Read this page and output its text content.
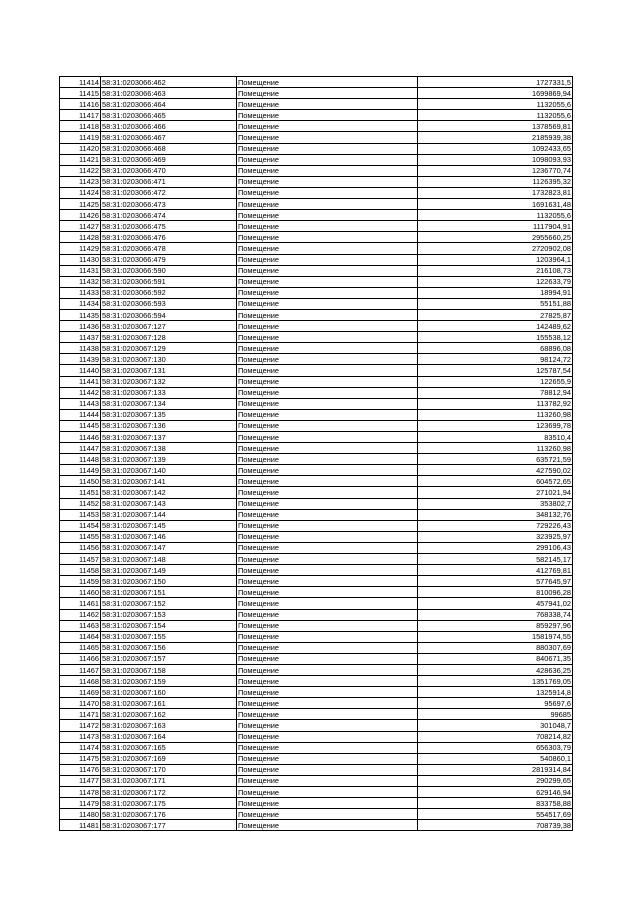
11414	58:31:0203066:462	Помещение	1727331,5
11415	58:31:0203066:463	Помещение	1699869,94
11416	58:31:0203066:464	Помещение	1132055,6
11417	58:31:0203066:465	Помещение	1132055,6
11418	58:31:0203066:466	Помещение	1378569,81
11419	58:31:0203066:467	Помещение	2185939,38
11420	58:31:0203066:468	Помещение	1092433,65
11421	58:31:0203066:469	Помещение	1098093,93
11422	58:31:0203066:470	Помещение	1236770,74
11423	58:31:0203066:471	Помещение	1126395,32
11424	58:31:0203066:472	Помещение	1732823,81
11425	58:31:0203066:473	Помещение	1691631,48
11426	58:31:0203066:474	Помещение	1132055,6
11427	58:31:0203066:475	Помещение	1117904,91
11428	58:31:0203066:476	Помещение	2955660,25
11429	58:31:0203066:478	Помещение	2720902,08
11430	58:31:0203066:479	Помещение	1203964,1
11431	58:31:0203066:590	Помещение	216108,73
11432	58:31:0203066:591	Помещение	122633,79
11433	58:31:0203066:592	Помещение	18994,91
11434	58:31:0203066:593	Помещение	55151,88
11435	58:31:0203066:594	Помещение	27825,87
11436	58:31:0203067:127	Помещение	142489,62
11437	58:31:0203067:128	Помещение	155538,12
11438	58:31:0203067:129	Помещение	68896,08
11439	58:31:0203067:130	Помещение	98124,72
11440	58:31:0203067:131	Помещение	125787,54
11441	58:31:0203067:132	Помещение	122655,9
11442	58:31:0203067:133	Помещение	78812,94
11443	58:31:0203067:134	Помещение	113782,92
11444	58:31:0203067:135	Помещение	113260,98
11445	58:31:0203067:136	Помещение	123699,78
11446	58:31:0203067:137	Помещение	83510,4
11447	58:31:0203067:138	Помещение	113260,98
11448	58:31:0203067:139	Помещение	635721,59
11449	58:31:0203067:140	Помещение	427590,02
11450	58:31:0203067:141	Помещение	604572,65
11451	58:31:0203067:142	Помещение	271021,94
11452	58:31:0203067:143	Помещение	353802,7
11453	58:31:0203067:144	Помещение	348132,76
11454	58:31:0203067:145	Помещение	729226,43
11455	58:31:0203067:146	Помещение	323925,97
11456	58:31:0203067:147	Помещение	299106,43
11457	58:31:0203067:148	Помещение	582145,17
11458	58:31:0203067:149	Помещение	412769,81
11459	58:31:0203067:150	Помещение	577645,97
11460	58:31:0203067:151	Помещение	810096,28
11461	58:31:0203067:152	Помещение	457941,02
11462	58:31:0203067:153	Помещение	768338,74
11463	58:31:0203067:154	Помещение	859297,96
11464	58:31:0203067:155	Помещение	1581974,55
11465	58:31:0203067:156	Помещение	880307,69
11466	58:31:0203067:157	Помещение	840671,35
11467	58:31:0203067:158	Помещение	428636,25
11468	58:31:0203067:159	Помещение	1351769,05
11469	58:31:0203067:160	Помещение	1325914,8
11470	58:31:0203067:161	Помещение	95697,6
11471	58:31:0203067:162	Помещение	99685
11472	58:31:0203067:163	Помещение	301048,7
11473	58:31:0203067:164	Помещение	708214,82
11474	58:31:0203067:165	Помещение	656303,79
11475	58:31:0203067:169	Помещение	540860,1
11476	58:31:0203067:170	Помещение	2819314,84
11477	58:31:0203067:171	Помещение	290299,65
11478	58:31:0203067:172	Помещение	629146,94
11479	58:31:0203067:175	Помещение	833758,88
11480	58:31:0203067:176	Помещение	554517,69
11481	58:31:0203067:177	Помещение	708739,38
